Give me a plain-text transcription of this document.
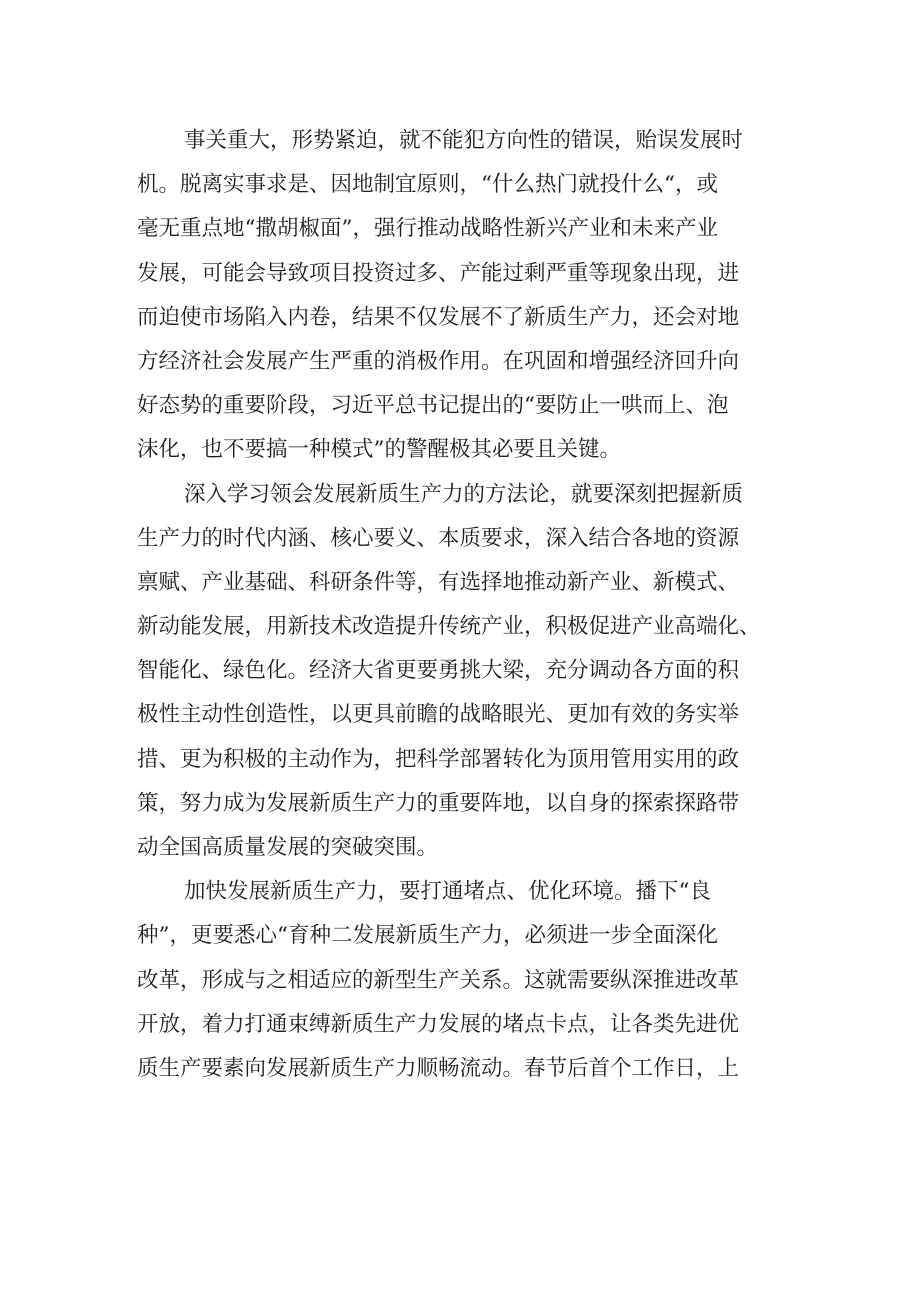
事关重大，形势紧迫，就不能犯方向性的错误，贻误发展时
机。脱离实事求是、因地制宜原则，“什么热门就投什么“，或
毫无重点地“撒胡椒面”，强行推动战略性新兴产业和未来产业
发展，可能会导致项目投资过多、产能过剩严重等现象出现，进
而迫使市场陷入内卷，结果不仅发展不了新质生产力，还会对地
方经济社会发展产生严重的消极作用。在巩固和增强经济回升向
好态势的重要阶段，习近平总书记提出的“要防止一哄而上、泡
沫化，也不要搞一种模式”的警醒极其必要且关键。
深入学习领会发展新质生产力的方法论，就要深刻把握新质
生产力的时代内涵、核心要义、本质要求，深入结合各地的资源
禀赋、产业基础、科研条件等，有选择地推动新产业、新模式、
新动能发展，用新技术改造提升传统产业，积极促进产业高端化、
智能化、绿色化。经济大省更要勇挑大梁，充分调动各方面的积
极性主动性创造性，以更具前瞻的战略眼光、更加有效的务实举
措、更为积极的主动作为，把科学部署转化为顶用管用实用的政
策，努力成为发展新质生产力的重要阵地，以自身的探索探路带
动全国高质量发展的突破突围。
加快发展新质生产力，要打通堵点、优化环境。播下“良
种”，更要悉心“育种二发展新质生产力，必须进一步全面深化
改革，形成与之相适应的新型生产关系。这就需要纵深推进改革
开放，着力打通束缚新质生产力发展的堵点卡点，让各类先进优
质生产要素向发展新质生产力顺畅流动。春节后首个工作日，上
